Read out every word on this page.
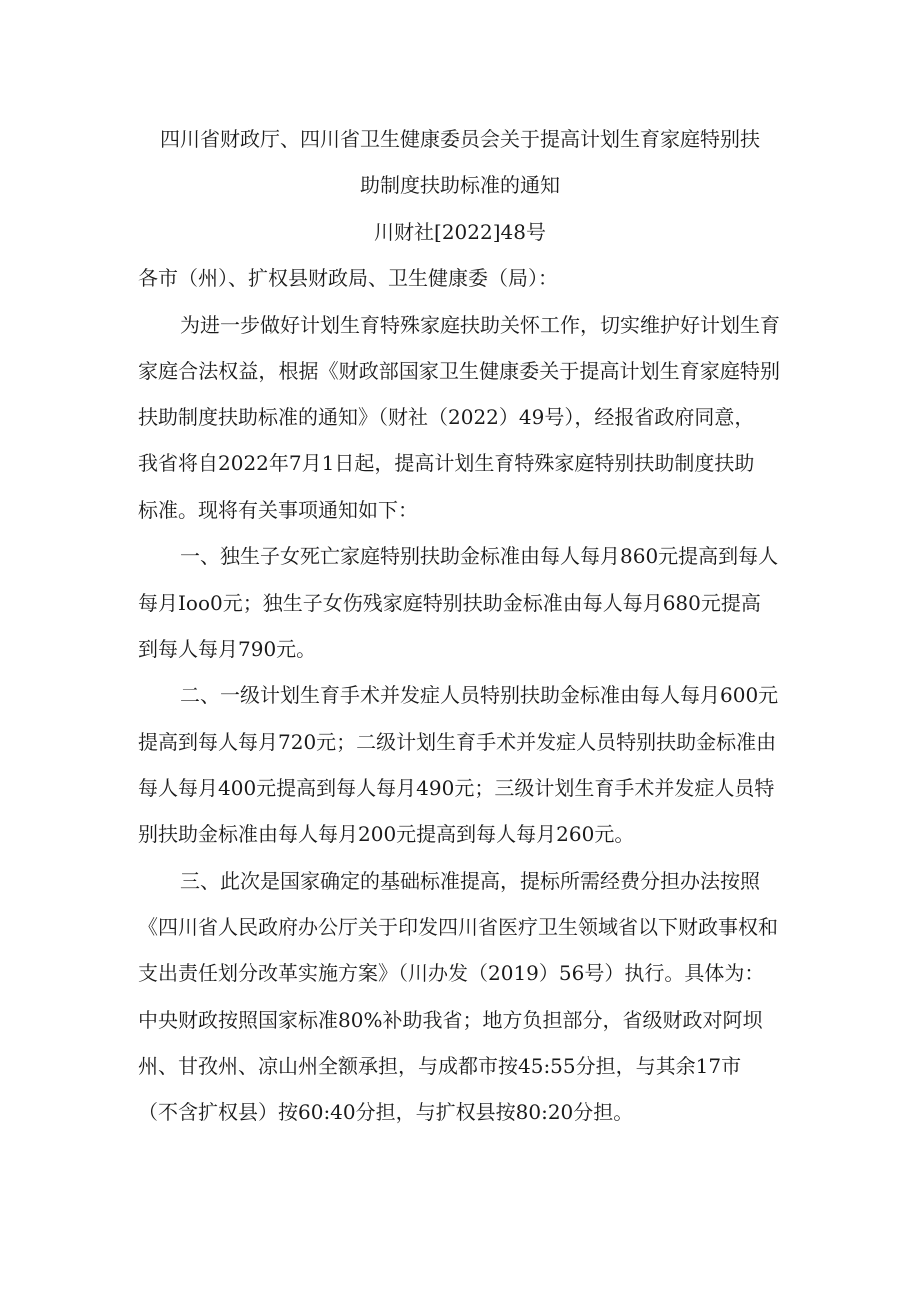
四川省财政厅、四川省卫生健康委员会关于提高计划生育家庭特别扶
助制度扶助标准的通知
川财社[2022]48号
各市（州）、扩权县财政局、卫生健康委（局）：
为进一步做好计划生育特殊家庭扶助关怀工作，切实维护好计划生育
家庭合法权益，根据《财政部国家卫生健康委关于提高计划生育家庭特别
扶助制度扶助标准的通知》（财社（2022）49号），经报省政府同意，
我省将自2022年7月1日起，提高计划生育特殊家庭特别扶助制度扶助
标准。现将有关事项通知如下：
一、独生子女死亡家庭特别扶助金标准由每人每月860元提高到每人
每月Ioo0元；独生子女伤残家庭特别扶助金标准由每人每月680元提高
到每人每月790元。
二、一级计划生育手术并发症人员特别扶助金标准由每人每月600元
提高到每人每月720元；二级计划生育手术并发症人员特别扶助金标准由
每人每月400元提高到每人每月490元；三级计划生育手术并发症人员特
别扶助金标准由每人每月200元提高到每人每月260元。
三、此次是国家确定的基础标准提高，提标所需经费分担办法按照
《四川省人民政府办公厅关于印发四川省医疗卫生领域省以下财政事权和
支出责任划分改革实施方案》（川办发（2019）56号）执行。具体为：
中央财政按照国家标准80%补助我省；地方负担部分，省级财政对阿坝
州、甘孜州、凉山州全额承担，与成都市按45:55分担，与其余17市
（不含扩权县）按60:40分担，与扩权县按80:20分担。
